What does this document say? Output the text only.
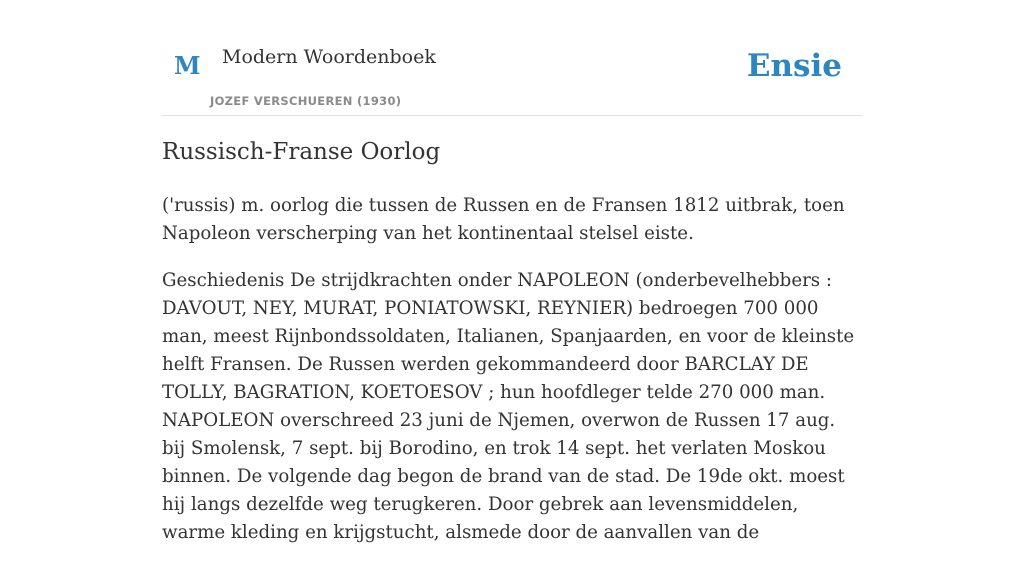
M Modern Woordenboek
JOZEF VERSCHUEREN (1930)
Ensie
Russisch-Franse Oorlog

('russis) m. oorlog die tussen de Russen en de Fransen 1812 uitbrak, toen Napoleon verscherping van het kontinentaal stelsel eiste.

Geschiedenis De strijdkrachten onder NAPOLEON (onderbevelhebbers : DAVOUT, NEY, MURAT, PONIATOWSKI, REYNIER) bedroegen 700 000 man, meest Rijnbondssoldaten, Italianen, Spanjaarden, en voor de kleinste helft Fransen. De Russen werden gekommandeerd door BARCLAY DE TOLLY, BAGRATION, KOETOESOV ; hun hoofdleger telde 270 000 man. NAPOLEON overschreed 23 juni de Njemen, overwon de Russen 17 aug. bij Smolensk, 7 sept. bij Borodino, en trok 14 sept. het verlaten Moskou binnen. De volgende dag begon de brand van de stad. De 19de okt. moest hij langs dezelfde weg terugkeren. Door gebrek aan levensmiddelen, warme kleding en krijgstucht, alsmede door de aanvallen van de
